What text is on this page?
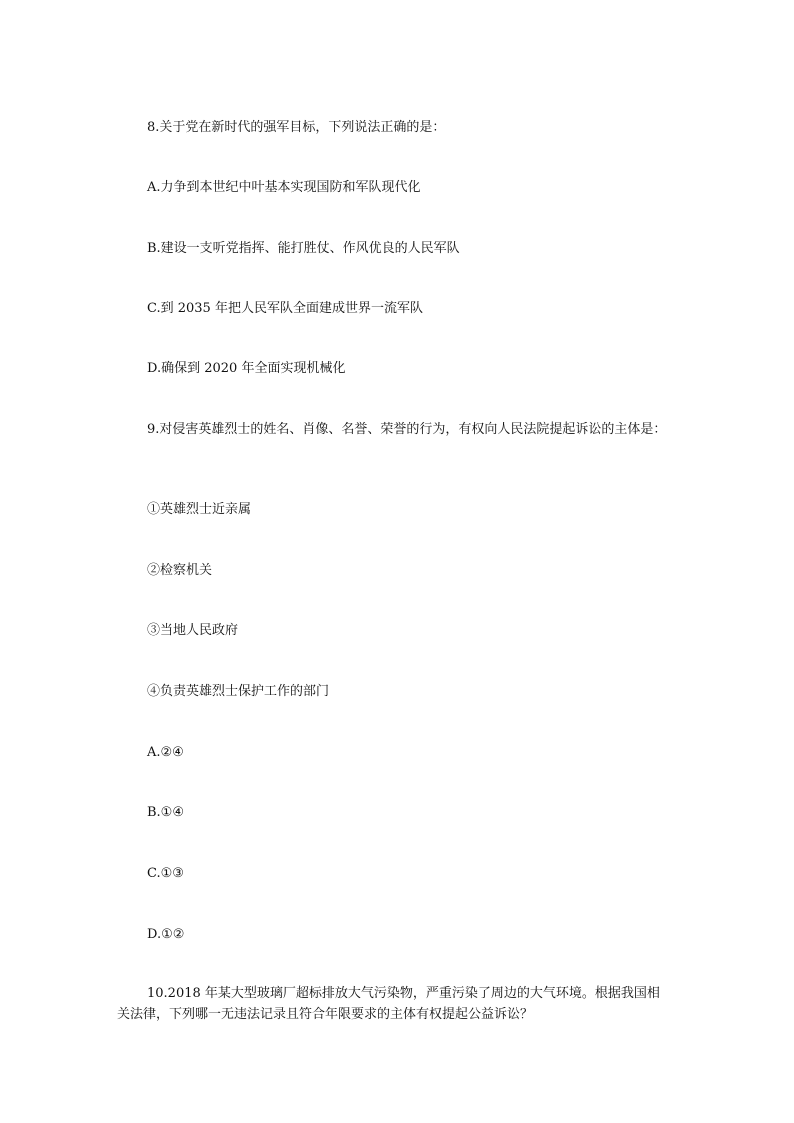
8.关于党在新时代的强军目标，下列说法正确的是：
A.力争到本世纪中叶基本实现国防和军队现代化
B.建设一支听党指挥、能打胜仗、作风优良的人民军队
C.到 2035 年把人民军队全面建成世界一流军队
D.确保到 2020 年全面实现机械化
9.对侵害英雄烈士的姓名、肖像、名誉、荣誉的行为，有权向人民法院提起诉讼的主体是：
①英雄烈士近亲属
②检察机关
③当地人民政府
④负责英雄烈士保护工作的部门
A.②④
B.①④
C.①③
D.①②
10.2018 年某大型玻璃厂超标排放大气污染物，严重污染了周边的大气环境。根据我国相关法律，下列哪一无违法记录且符合年限要求的主体有权提起公益诉讼？
